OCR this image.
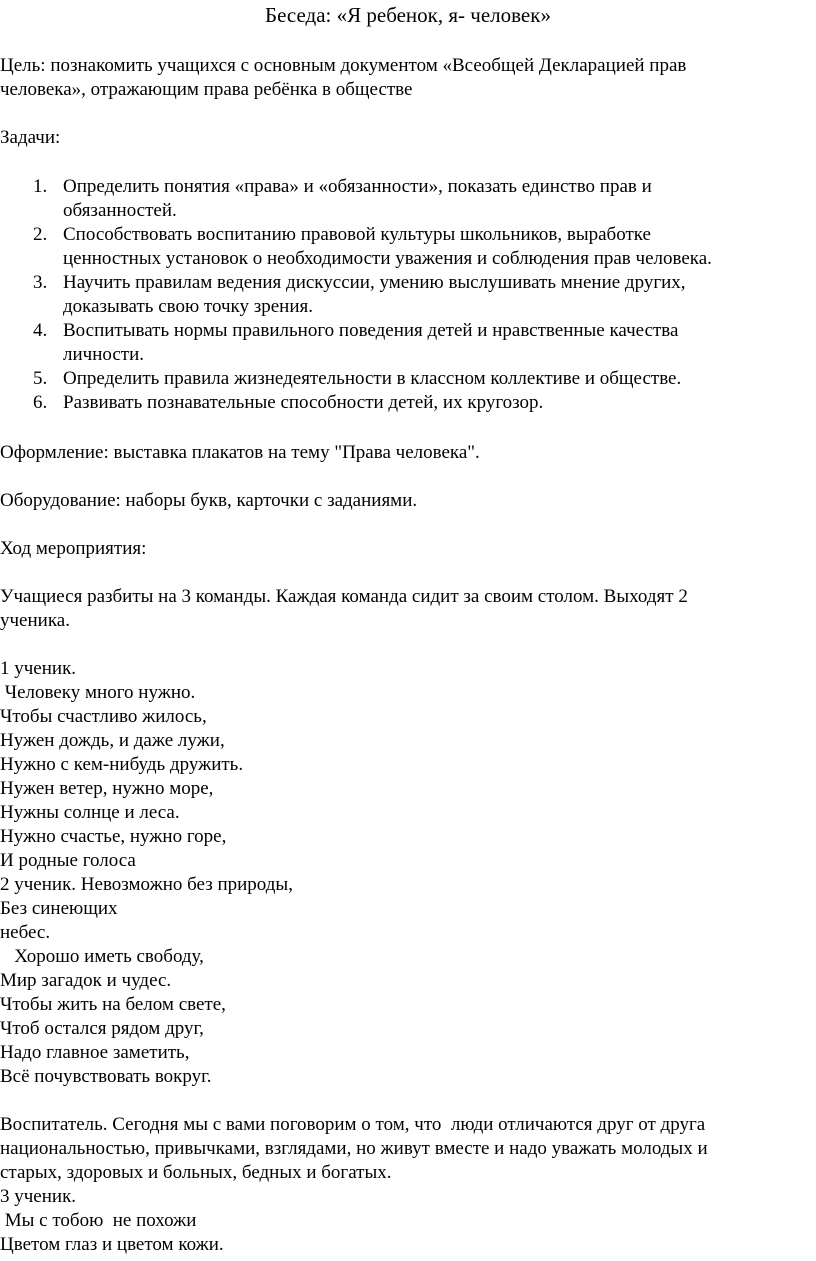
Беседа: «Я ребенок, я- человек»
Цель: познакомить учащихся с основным документом «Всеобщей Декларацией прав
человека», отражающим права ребёнка в обществе
Задачи:
1. Определить понятия «права» и «обязанности», показать единство прав и
обязанностей.
2. Способствовать воспитанию правовой культуры школьников, выработке
ценностных установок о необходимости уважения и соблюдения прав человека.
3. Научить правилам ведения дискуссии, умению выслушивать мнение других,
доказывать свою точку зрения.
4. Воспитывать нормы правильного поведения детей и нравственные качества
личности.
5. Определить правила жизнедеятельности в классном коллективе и обществе.
6. Развивать познавательные способности детей, их кругозор.
Оформление: выставка плакатов на тему "Права человека".
Оборудование: наборы букв, карточки с заданиями.
Ход мероприятия:
Учащиеся разбиты на 3 команды. Каждая команда сидит за своим столом. Выходят 2
ученика.
1 ученик.
Человеку много нужно.
Чтобы счастливо жилось,
Нужен дождь, и даже лужи,
Нужно с кем-нибудь дружить.
Нужен ветер, нужно море,
Нужны солнце и леса.
Нужно счастье, нужно горе,
И родные голоса
2 ученик. Невозможно без природы,
Без синеющих
небес.
Хорошо иметь свободу,
Мир загадок и чудес.
Чтобы жить на белом свете,
Чтоб остался рядом друг,
Надо главное заметить,
Всё почувствовать вокруг.
Воспитатель. Сегодня мы с вами поговорим о том, что  люди отличаются друг от друга
национальностью, привычками, взглядами, но живут вместе и надо уважать молодых и
старых, здоровых и больных, бедных и богатых.
3 ученик.
Мы с тобою  не похожи
Цветом глаз и цветом кожи.
